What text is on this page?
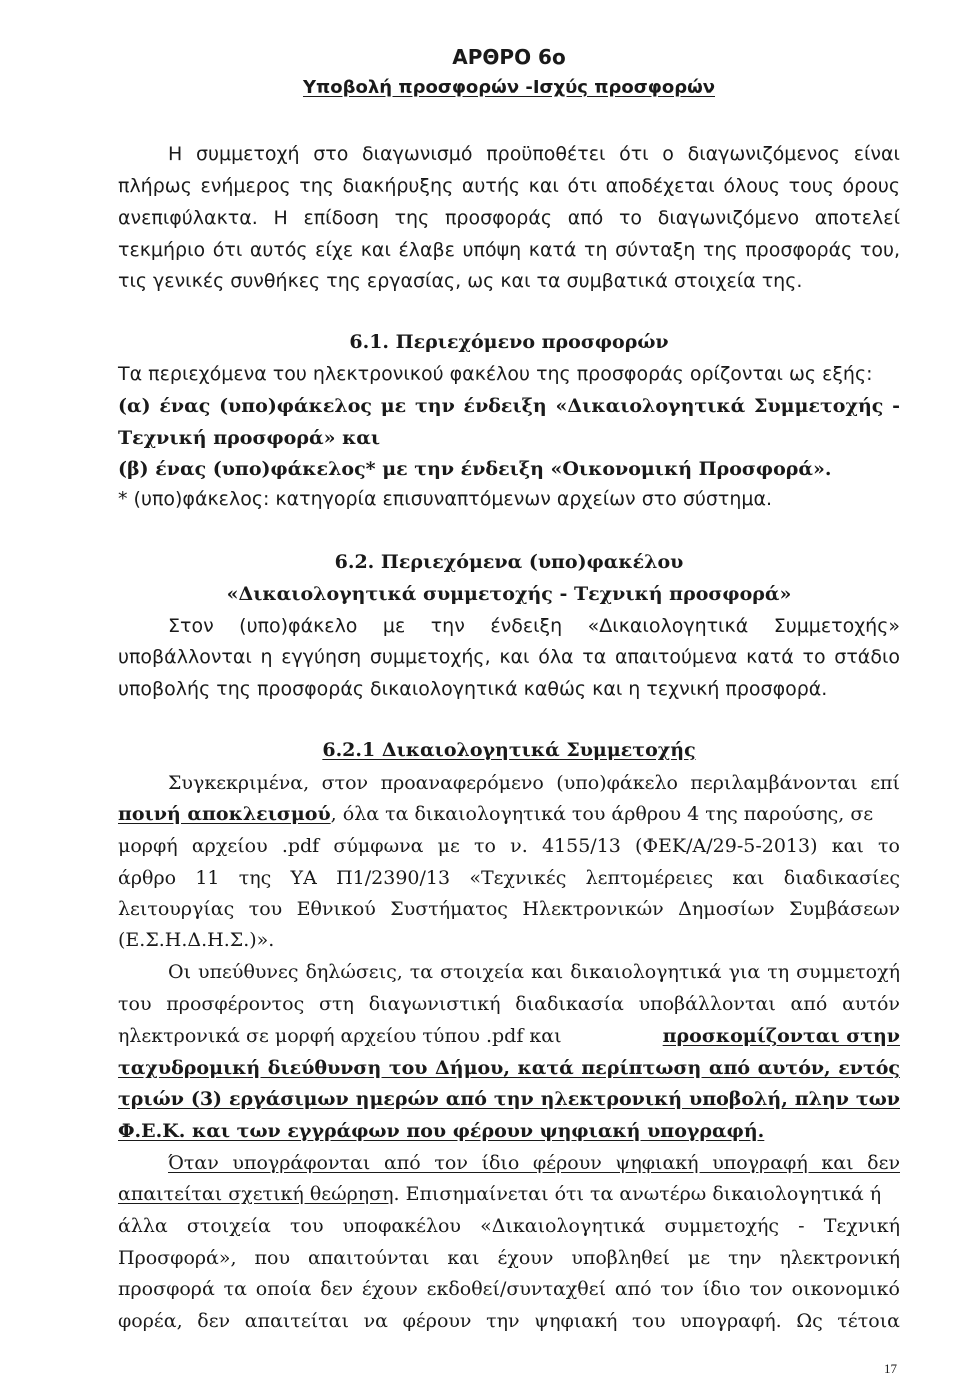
ΑΡΘΡΟ 6ο
Υποβολή προσφορών -Ισχύς προσφορών
Η συμμετοχή στο διαγωνισμό προϋποθέτει ότι ο διαγωνιζόμενος είναι
πλήρως ενήμερος της διακήρυξης αυτής και ότι αποδέχεται όλους τους όρους
ανεπιφύλακτα. Η επίδοση της προσφοράς από το διαγωνιζόμενο αποτελεί
τεκμήριο ότι αυτός είχε και έλαβε υπόψη κατά τη σύνταξη της προσφοράς του,
τις γενικές συνθήκες της εργασίας, ως και τα συμβατικά στοιχεία της.
6.1. Περιεχόμενο προσφορών
Τα περιεχόμενα του ηλεκτρονικού φακέλου της προσφοράς ορίζονται ως εξής:
(α) ένας (υπο)φάκελος με την ένδειξη «Δικαιολογητικά Συμμετοχής -
Τεχνική προσφορά» και
(β) ένας (υπο)φάκελος* με την ένδειξη «Οικονομική Προσφορά».
* (υπο)φάκελος: κατηγορία επισυναπτόμενων αρχείων στο σύστημα.
6.2. Περιεχόμενα (υπο)φακέλου
«Δικαιολογητικά συμμετοχής - Τεχνική προσφορά»
Στον (υπο)φάκελο με την ένδειξη «Δικαιολογητικά Συμμετοχής»
υποβάλλονται η εγγύηση συμμετοχής, και όλα τα απαιτούμενα κατά το στάδιο
υποβολής της προσφοράς δικαιολογητικά καθώς και η τεχνική προσφορά.
6.2.1 Δικαιολογητικά Συμμετοχής
Συγκεκριμένα, στον προαναφερόμενο (υπο)φάκελο περιλαμβάνονται επί
ποινή αποκλεισμού, όλα τα δικαιολογητικά του άρθρου 4 της παρούσης, σε
μορφή αρχείου .pdf σύμφωνα με το ν. 4155/13 (ΦΕΚ/Α/29-5-2013) και το
άρθρο 11 της ΥΑ Π1/2390/13 «Τεχνικές λεπτομέρειες και διαδικασίες
λειτουργίας του Εθνικού Συστήματος Ηλεκτρονικών Δημοσίων Συμβάσεων
(Ε.Σ.Η.Δ.Η.Σ.)».
Οι υπεύθυνες δηλώσεις, τα στοιχεία και δικαιολογητικά για τη συμμετοχή
του προσφέροντος στη διαγωνιστική διαδικασία υποβάλλονται από αυτόν
ηλεκτρονικά σε μορφή αρχείου τύπου .pdf και	προσκομίζονται στην
ταχυδρομική διεύθυνση του Δήμου, κατά περίπτωση από αυτόν, εντός
τριών (3) εργάσιμων ημερών από την ηλεκτρονική υποβολή, πλην των
Φ.Ε.Κ. και των εγγράφων που φέρουν ψηφιακή υπογραφή.
Όταν υπογράφονται από τον ίδιο φέρουν ψηφιακή υπογραφή και δεν
απαιτείται σχετική θεώρηση. Επισημαίνεται ότι τα ανωτέρω δικαιολογητικά ή
άλλα στοιχεία του υποφακέλου «Δικαιολογητικά συμμετοχής - Τεχνική
Προσφορά», που απαιτούνται και έχουν υποβληθεί με την ηλεκτρονική
προσφορά τα οποία δεν έχουν εκδοθεί/συνταχθεί από τον ίδιο τον οικονομικό
φορέα, δεν απαιτείται να φέρουν την ψηφιακή του υπογραφή. Ως τέτοια
17
